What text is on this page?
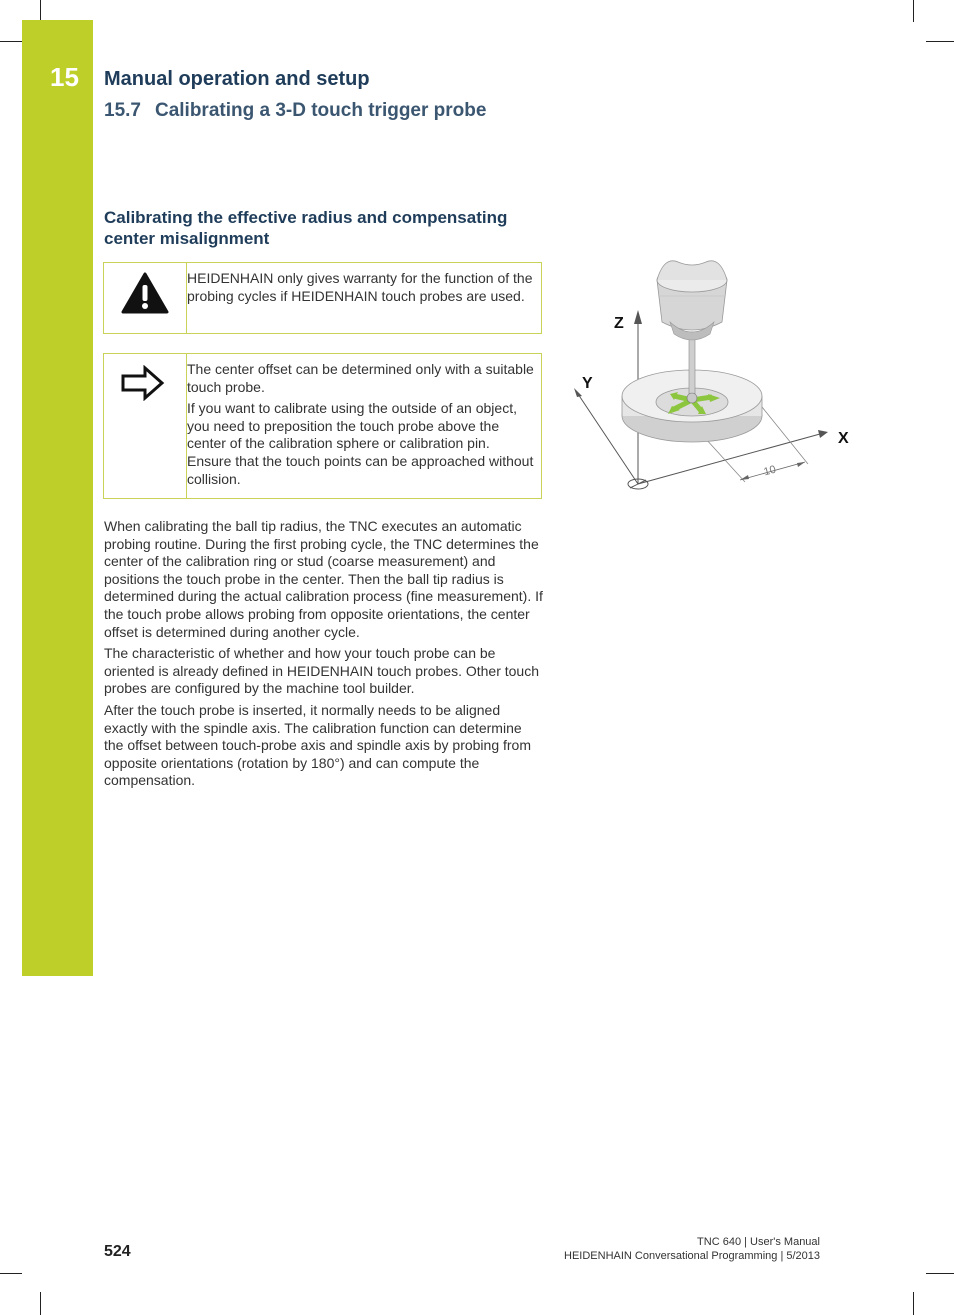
15 Manual operation and setup
15.7 Calibrating a 3-D touch trigger probe
Calibrating the effective radius and compensating
center misalignment
HEIDENHAIN only gives warranty for the function of the probing cycles if HEIDENHAIN touch probes are used.

The center offset can be determined only with a suitable touch probe.

If you want to calibrate using the outside of an object, you need to preposition the touch probe above the center of the calibration sphere or calibration pin. Ensure that the touch points can be approached without collision.

When calibrating the ball tip radius, the TNC executes an automatic probing routine. During the first probing cycle, the TNC determines the center of the calibration ring or stud (coarse measurement) and positions the touch probe in the center. Then the ball tip radius is determined during the actual calibration process (fine measurement). If the touch probe allows probing from opposite orientations, the center offset is determined during another cycle.

The characteristic of whether and how your touch probe can be oriented is already defined in HEIDENHAIN touch probes. Other touch probes are configured by the machine tool builder.

After the touch probe is inserted, it normally needs to be aligned exactly with the spindle axis. The calibration function can determine the offset between touch-probe axis and spindle axis by probing from opposite orientations (rotation by 180°) and can compute the compensation.

10
Z
Y
X
524
TNC 640 | User's Manual
HEIDENHAIN Conversational Programming | 5/2013
